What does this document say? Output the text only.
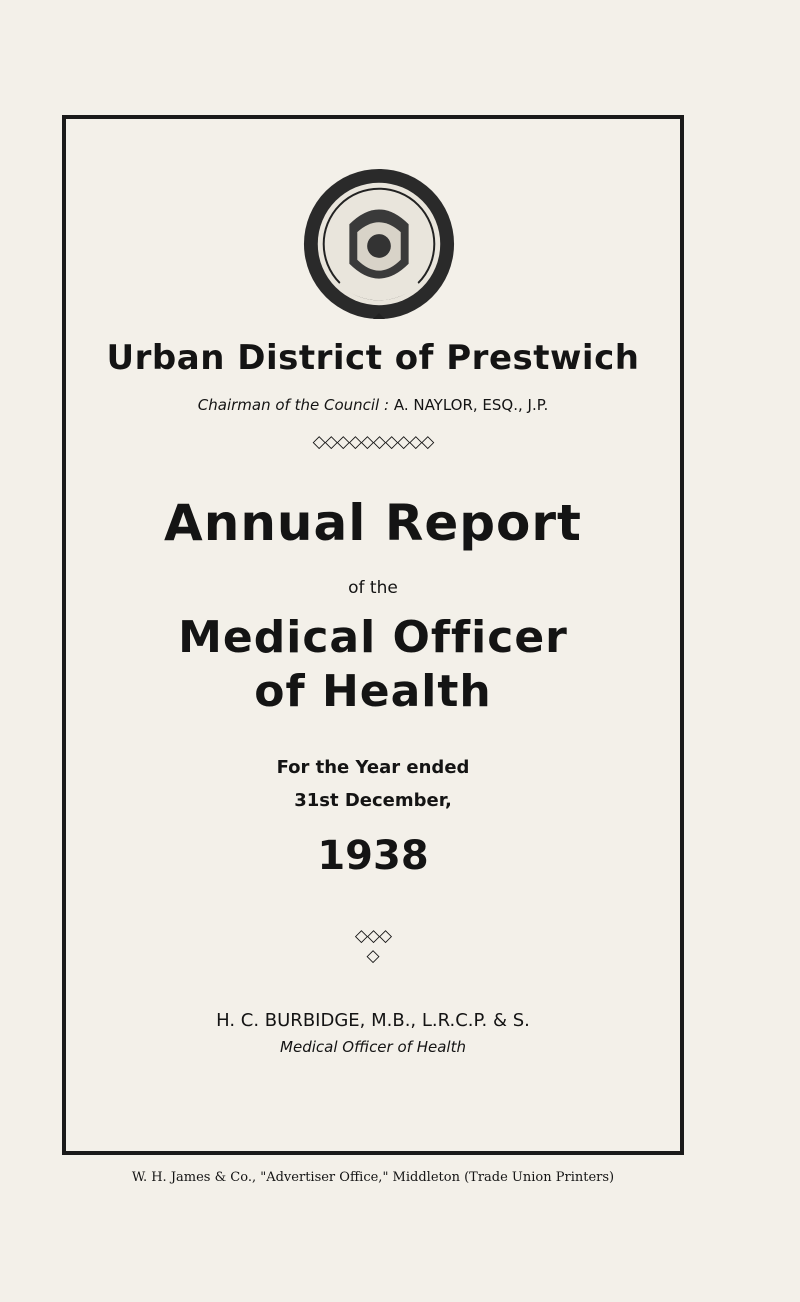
Urban District of Prestwich
Chairman of the Council : A. NAYLOR, ESQ., J.P.
◇◇◇◇◇◇◇◇◇◇
Annual Report
of the
Medical Officer
of Health
For the Year ended
31st December,
1938
◇◇◇
◇
H. C. BURBIDGE, M.B., L.R.C.P. & S.
Medical Officer of Health
W. H. James & Co., "Advertiser Office," Middleton (Trade Union Printers)
